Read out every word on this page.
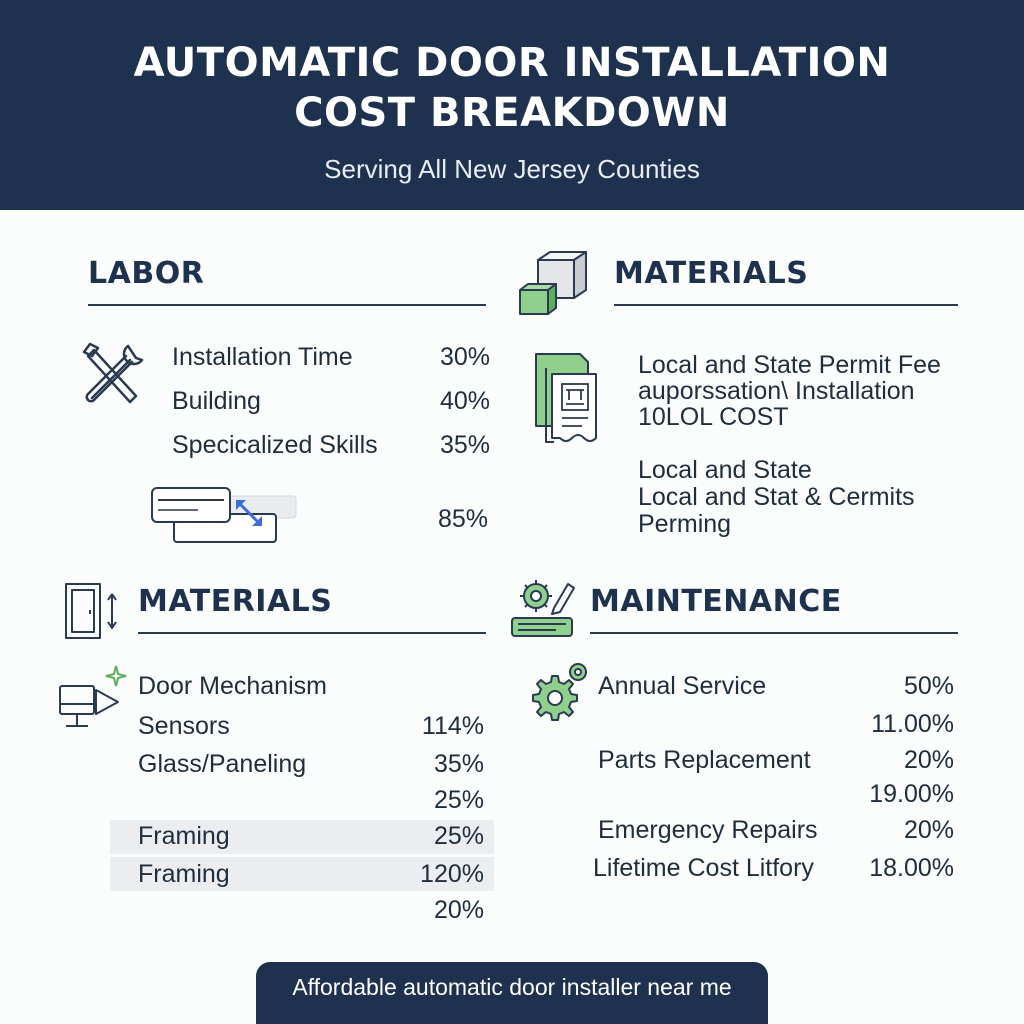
AUTOMATIC DOOR INSTALLATION
COST BREAKDOWN
Serving All New Jersey Counties
LABOR
Installation Time	30%
Building	40%
Specicalized Skills	35%
85%
MATERIALS
Local and State Permit Fee
auporssation\ Installation
10LOL COST
Local and State
Local and Stat & Cermits
Perming
MATERIALS
Door Mechanism
Sensors	114%
Glass/Paneling	35%
25%
Framing	25%
Framing	120%
20%
MAINTENANCE
Annual Service	50%
11.00%
Parts Replacement	20%
19.00%
Emergency Repairs	20%
Lifetime Cost Litfory	18.00%
Affordable automatic door installer near me
